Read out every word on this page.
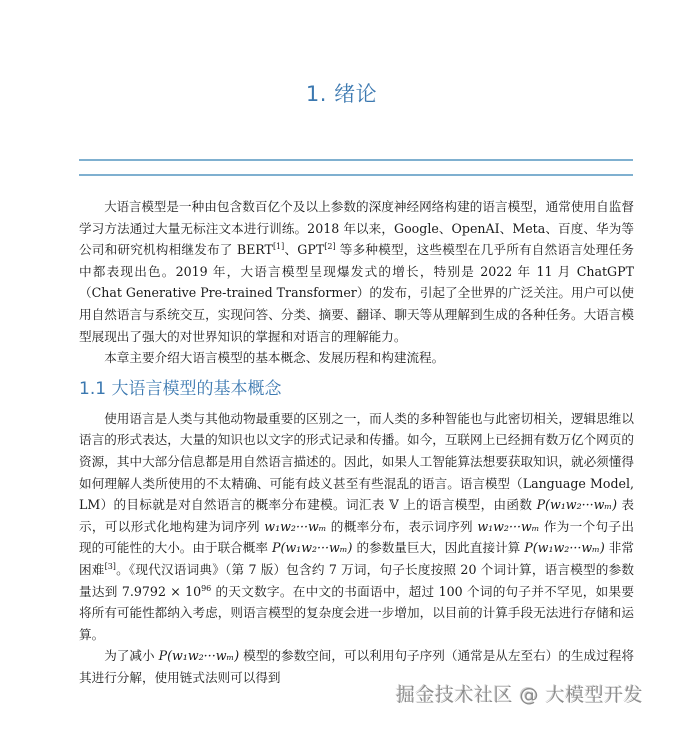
1. 绪论

大语言模型是一种由包含数百亿个及以上参数的深度神经网络构建的语言模型，通常使用自监督学习方法通过大量无标注文本进行训练。2018 年以来，Google、OpenAI、Meta、百度、华为等公司和研究机构相继发布了 BERT[1]、GPT[2] 等多种模型，这些模型在几乎所有自然语言处理任务中都表现出色。2019 年，大语言模型呈现爆发式的增长，特别是 2022 年 11 月 ChatGPT（Chat Generative Pre-trained Transformer）的发布，引起了全世界的广泛关注。用户可以使用自然语言与系统交互，实现问答、分类、摘要、翻译、聊天等从理解到生成的各种任务。大语言模型展现出了强大的对世界知识的掌握和对语言的理解能力。

本章主要介绍大语言模型的基本概念、发展历程和构建流程。

1.1 大语言模型的基本概念

使用语言是人类与其他动物最重要的区别之一，而人类的多种智能也与此密切相关，逻辑思维以语言的形式表达，大量的知识也以文字的形式记录和传播。如今，互联网上已经拥有数万亿个网页的资源，其中大部分信息都是用自然语言描述的。因此，如果人工智能算法想要获取知识，就必须懂得如何理解人类所使用的不太精确、可能有歧义甚至有些混乱的语言。语言模型（Language Model, LM）的目标就是对自然语言的概率分布建模。词汇表 𝕍 上的语言模型，由函数 P(w₁w₂···wₘ) 表示，可以形式化地构建为词序列 w₁w₂···wₘ 的概率分布，表示词序列 w₁w₂···wₘ 作为一个句子出现的可能性的大小。由于联合概率 P(w₁w₂···wₘ) 的参数量巨大，因此直接计算 P(w₁w₂···wₘ) 非常困难[3]。《现代汉语词典》（第 7 版）包含约 7 万词，句子长度按照 20 个词计算，语言模型的参数量达到 $7.9792 \times 10^{96}$ 的天文数字。在中文的书面语中，超过 100 个词的句子并不罕见，如果要将所有可能性都纳入考虑，则语言模型的复杂度会进一步增加，以目前的计算手段无法进行存储和运算。

为了减小 P(w₁w₂···wₘ) 模型的参数空间，可以利用句子序列（通常是从左至右）的生成过程将其进行分解，使用链式法则可以得到

掘金技术社区 @ 大模型开发
